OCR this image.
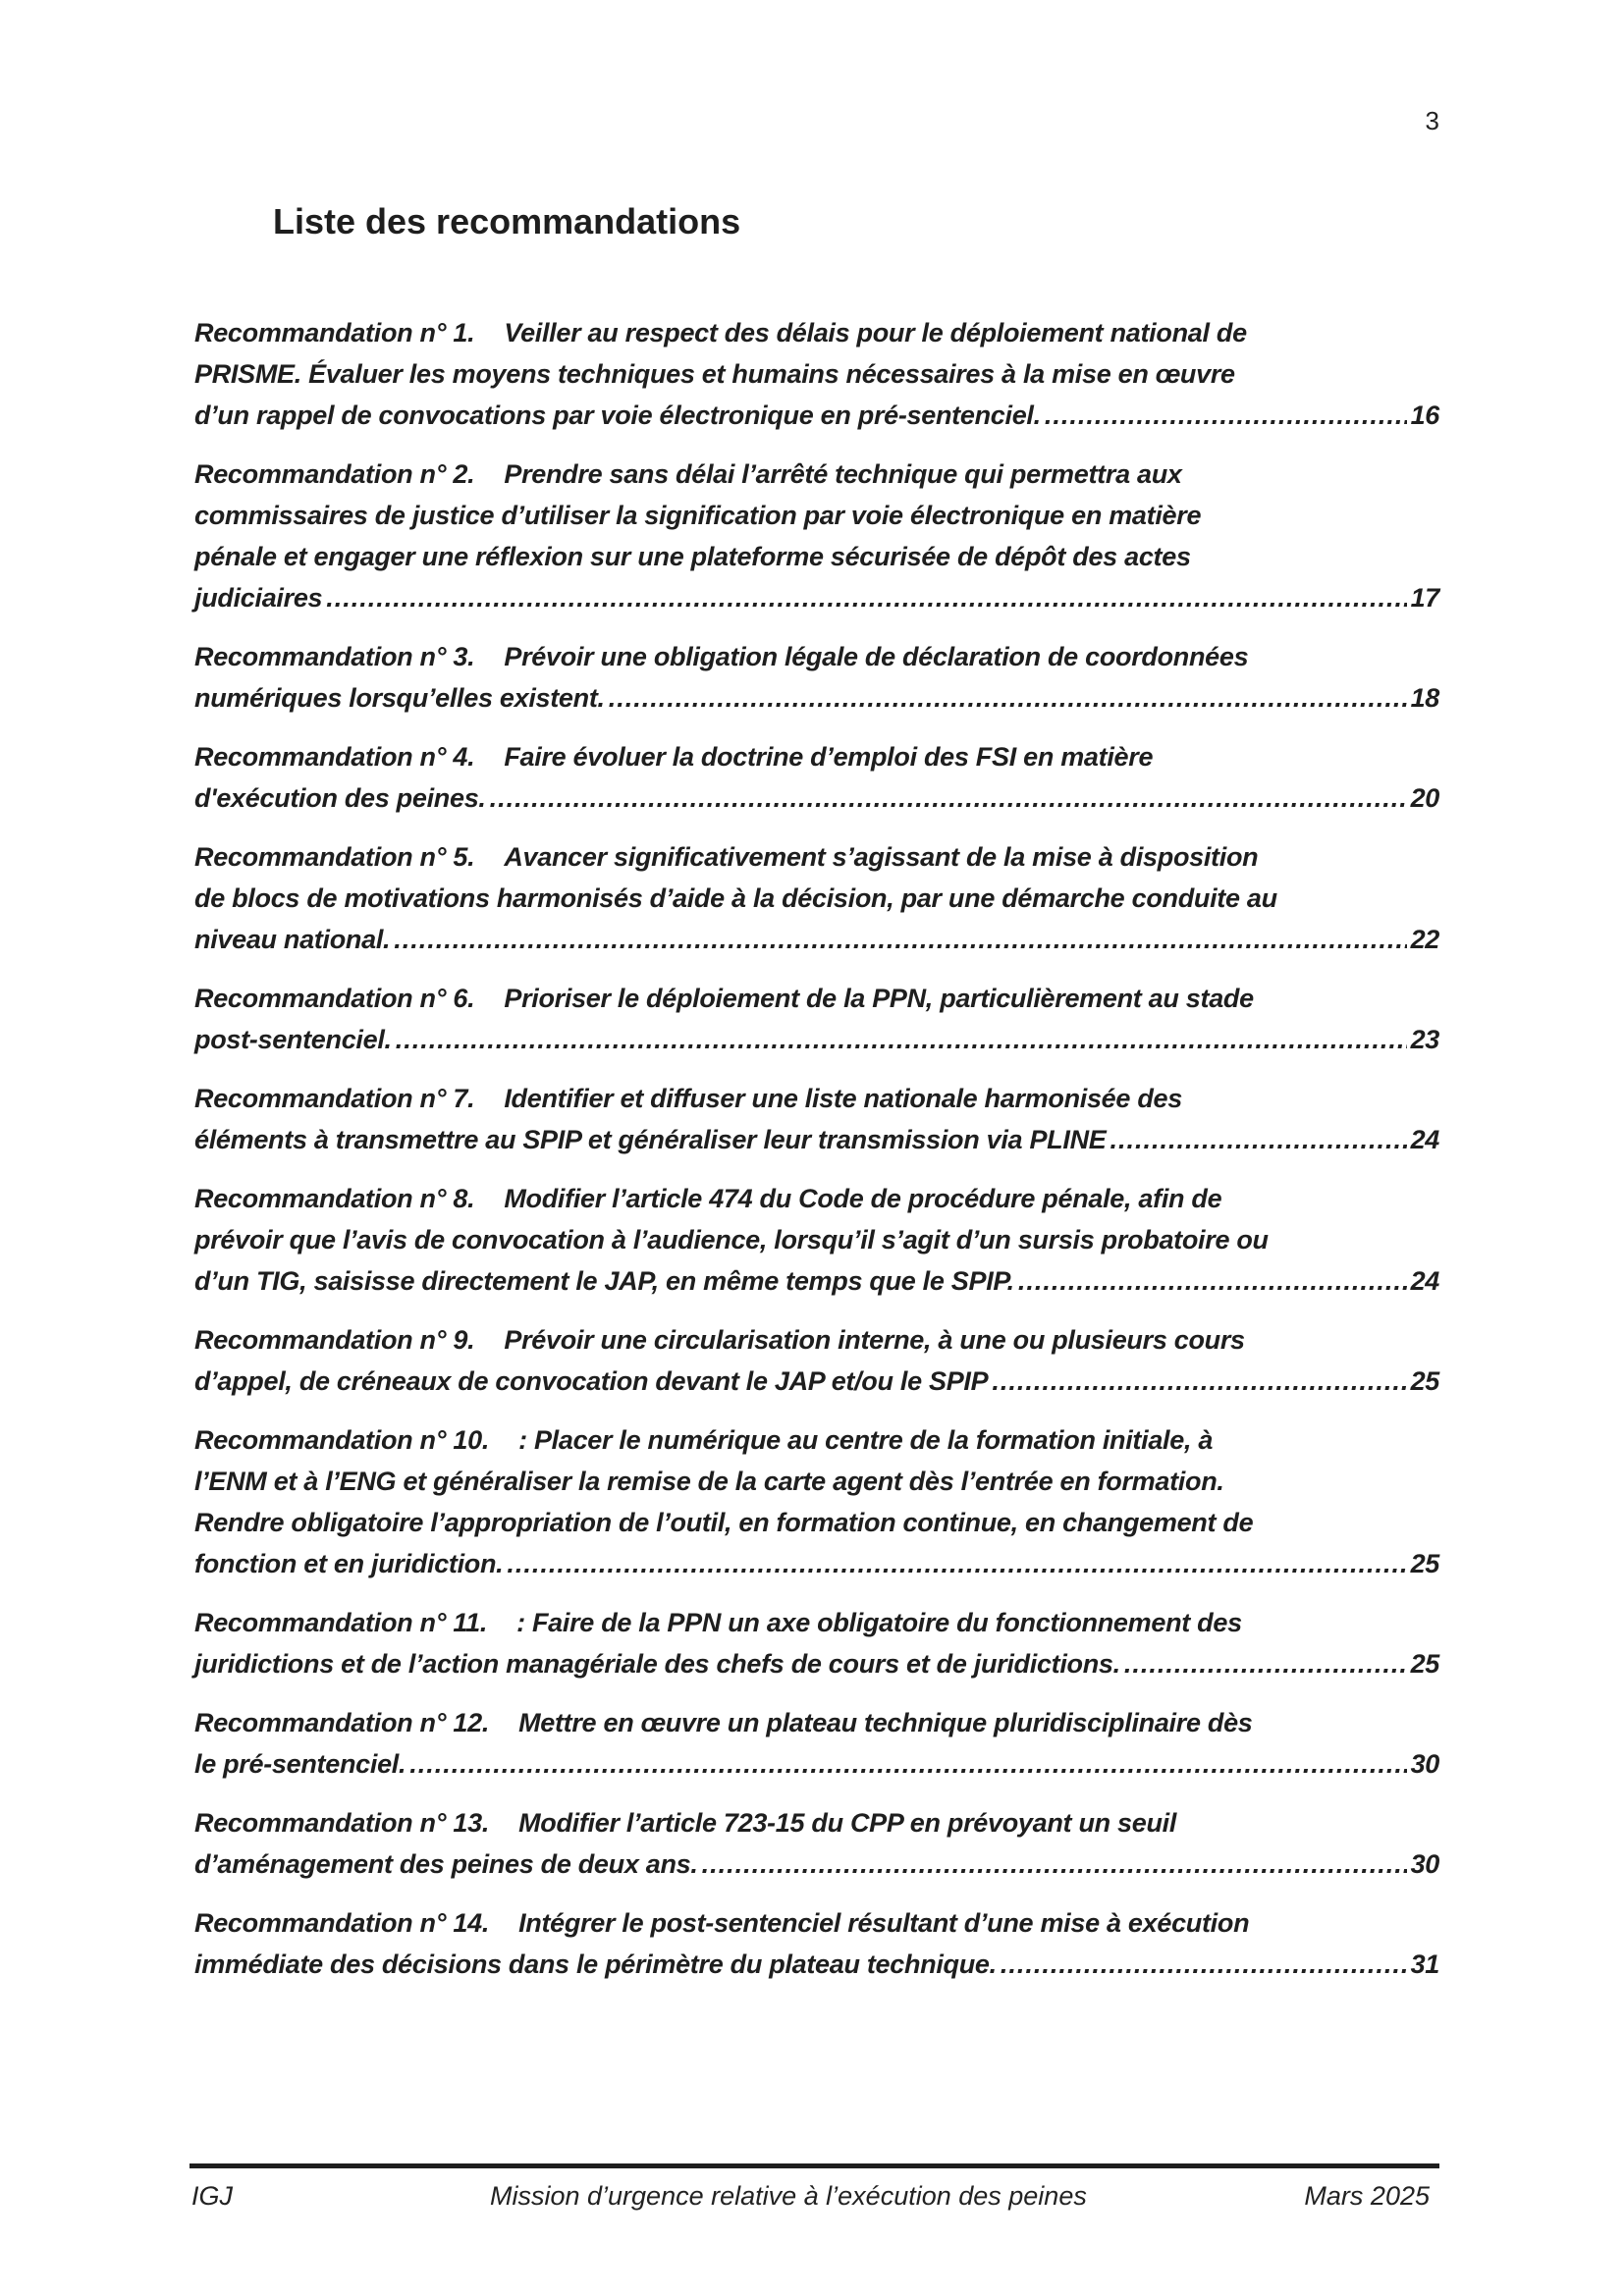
3
Liste des recommandations
Recommandation n° 1. Veiller au respect des délais pour le déploiement national de
PRISME. Évaluer les moyens techniques et humains nécessaires à la mise en œuvre
d’un rappel de convocations par voie électronique en pré-sentenciel. .....	16
Recommandation n° 2. Prendre sans délai l’arrêté technique qui permettra aux
commissaires de justice d’utiliser la signification par voie électronique en matière
pénale et engager une réflexion sur une plateforme sécurisée de dépôt des actes
judiciaires .....	17
Recommandation n° 3. Prévoir une obligation légale de déclaration de coordonnées
numériques lorsqu’elles existent. .....	18
Recommandation n° 4. Faire évoluer la doctrine d’emploi des FSI en matière
d'exécution des peines. .....	20
Recommandation n° 5. Avancer significativement s’agissant de la mise à disposition
de blocs de motivations harmonisés d’aide à la décision, par une démarche conduite au
niveau national. .....	22
Recommandation n° 6. Prioriser le déploiement de la PPN, particulièrement au stade
post-sentenciel. .....	23
Recommandation n° 7. Identifier et diffuser une liste nationale harmonisée des
éléments à transmettre au SPIP et généraliser leur transmission via PLINE .....	24
Recommandation n° 8. Modifier l’article 474 du Code de procédure pénale, afin de
prévoir que l’avis de convocation à l’audience, lorsqu’il s’agit d’un sursis probatoire ou
d’un TIG, saisisse directement le JAP, en même temps que le SPIP. .....	24
Recommandation n° 9. Prévoir une circularisation interne, à une ou plusieurs cours
d’appel, de créneaux de convocation devant le JAP et/ou le SPIP .....	25
Recommandation n° 10. : Placer le numérique au centre de la formation initiale, à
l’ENM et à l’ENG et généraliser la remise de la carte agent dès l’entrée en formation.
Rendre obligatoire l’appropriation de l’outil, en formation continue, en changement de
fonction et en juridiction. .....	25
Recommandation n° 11. : Faire de la PPN un axe obligatoire du fonctionnement des
juridictions et de l’action managériale des chefs de cours et de juridictions. .....	25
Recommandation n° 12. Mettre en œuvre un plateau technique pluridisciplinaire dès
le pré-sentenciel. .....	30
Recommandation n° 13. Modifier l’article 723-15 du CPP en prévoyant un seuil
d’aménagement des peines de deux ans. .....	30
Recommandation n° 14. Intégrer le post-sentenciel résultant d’une mise à exécution
immédiate des décisions dans le périmètre du plateau technique. .....	31
IGJ	Mission d’urgence relative à l’exécution des peines	Mars 2025
